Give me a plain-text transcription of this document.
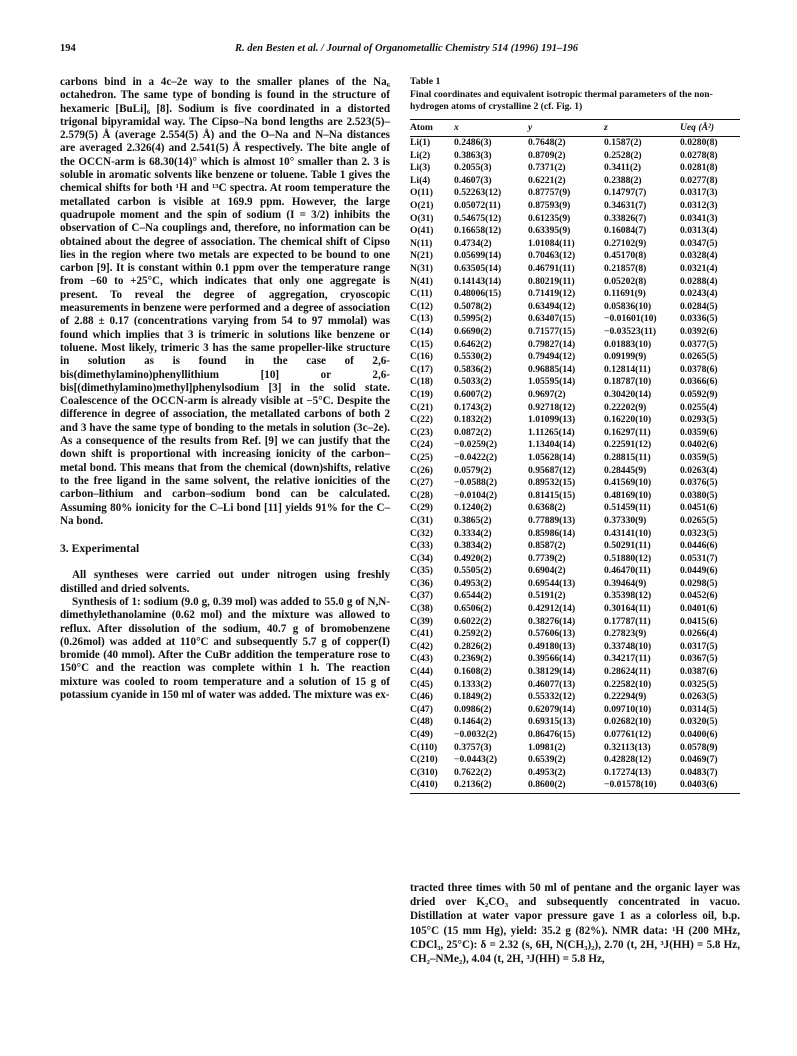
194	R. den Besten et al. / Journal of Organometallic Chemistry 514 (1996) 191–196

carbons bind in a 4c–2e way to the smaller planes of the Na₆ octahedron. The same type of bonding is found in the structure of hexameric [BuLi]₆ [8]. Sodium is five coordinated in a distorted trigonal bipyramidal way. The Cipso–Na bond lengths are 2.523(5)–2.579(5) Å (average 2.554(5) Å) and the O–Na and N–Na distances are averaged 2.326(4) and 2.541(5) Å respectively. The bite angle of the OCCN-arm is 68.30(14)° which is almost 10° smaller than 2. 3 is soluble in aromatic solvents like benzene or toluene. Table 1 gives the chemical shifts for both ¹H and ¹³C spectra. At room temperature the metallated carbon is visible at 169.9 ppm. However, the large quadrupole moment and the spin of sodium (I = 3/2) inhibits the observation of C–Na couplings and, therefore, no information can be obtained about the degree of association. The chemical shift of Cipso lies in the region where two metals are expected to be bound to one carbon [9]. It is constant within 0.1 ppm over the temperature range from −60 to +25°C, which indicates that only one aggregate is present. To reveal the degree of aggregation, cryoscopic measurements in benzene were performed and a degree of association of 2.88 ± 0.17 (concentrations varying from 54 to 97 mmolal) was found which implies that 3 is trimeric in solutions like benzene or toluene. Most likely, trimeric 3 has the same propeller-like structure in solution as is found in the case of 2,6-bis(dimethylamino)phenyllithium [10] or 2,6-bis[(dimethylamino)methyl]phenylsodium [3] in the solid state. Coalescence of the OCCN-arm is already visible at −5°C. Despite the difference in degree of association, the metallated carbons of both 2 and 3 have the same type of bonding to the metals in solution (3c–2e). As a consequence of the results from Ref. [9] we can justify that the down shift is proportional with increasing ionicity of the carbon–metal bond. This means that from the chemical (down)shifts, relative to the free ligand in the same solvent, the relative ionicities of the carbon–lithium and carbon–sodium bond can be calculated. Assuming 80% ionicity for the C–Li bond [11] yields 91% for the C–Na bond.

3. Experimental

All syntheses were carried out under nitrogen using freshly distilled and dried solvents.

Synthesis of 1: sodium (9.0 g, 0.39 mol) was added to 55.0 g of N,N-dimethylethanolamine (0.62 mol) and the mixture was allowed to reflux. After dissolution of the sodium, 40.7 g of bromobenzene (0.26mol) was added at 110°C and subsequently 5.7 g of copper(I) bromide (40 mmol). After the CuBr addition the temperature rose to 150°C and the reaction was complete within 1 h. The reaction mixture was cooled to room temperature and a solution of 15 g of potassium cyanide in 150 ml of water was added. The mixture was ex-

Table 1

Final coordinates and equivalent isotropic thermal parameters of the non-hydrogen atoms of crystalline 2 (cf. Fig. 1)

Atom	x	y	z	Ueq (Å²)
Li(1)	0.2486(3)	0.7648(2)	0.1587(2)	0.0280(8)
Li(2)	0.3863(3)	0.8709(2)	0.2528(2)	0.0278(8)
Li(3)	0.2055(3)	0.7371(2)	0.3411(2)	0.0281(8)
Li(4)	0.4607(3)	0.6221(2)	0.2388(2)	0.0277(8)
O(11)	0.52263(12)	0.87757(9)	0.14797(7)	0.0317(3)
O(21)	0.05072(11)	0.87593(9)	0.34631(7)	0.0312(3)
O(31)	0.54675(12)	0.61235(9)	0.33826(7)	0.0341(3)
O(41)	0.16658(12)	0.63395(9)	0.16084(7)	0.0313(4)
N(11)	0.4734(2)	1.01084(11)	0.27102(9)	0.0347(5)
N(21)	0.05699(14)	0.70463(12)	0.45170(8)	0.0328(4)
N(31)	0.63505(14)	0.46791(11)	0.21857(8)	0.0321(4)
N(41)	0.14143(14)	0.80219(11)	0.05202(8)	0.0288(4)
C(11)	0.48006(15)	0.71419(12)	0.11691(9)	0.0243(4)
C(12)	0.5078(2)	0.63494(12)	0.05836(10)	0.0284(5)
C(13)	0.5995(2)	0.63407(15)	−0.01601(10)	0.0336(5)
C(14)	0.6690(2)	0.71577(15)	−0.03523(11)	0.0392(6)
C(15)	0.6462(2)	0.79827(14)	0.01883(10)	0.0377(5)
C(16)	0.5530(2)	0.79494(12)	0.09199(9)	0.0265(5)
C(17)	0.5836(2)	0.96885(14)	0.12814(11)	0.0378(6)
C(18)	0.5033(2)	1.05595(14)	0.18787(10)	0.0366(6)
C(19)	0.6007(2)	0.9697(2)	0.30420(14)	0.0592(9)
C(21)	0.1743(2)	0.92718(12)	0.22202(9)	0.0255(4)
C(22)	0.1832(2)	1.01099(13)	0.16220(10)	0.0293(5)
C(23)	0.0872(2)	1.11265(14)	0.16297(11)	0.0359(6)
C(24)	−0.0259(2)	1.13404(14)	0.22591(12)	0.0402(6)
C(25)	−0.0422(2)	1.05628(14)	0.28815(11)	0.0359(5)
C(26)	0.0579(2)	0.95687(12)	0.28445(9)	0.0263(4)
C(27)	−0.0588(2)	0.89532(15)	0.41569(10)	0.0376(5)
C(28)	−0.0104(2)	0.81415(15)	0.48169(10)	0.0380(5)
C(29)	0.1240(2)	0.6368(2)	0.51459(11)	0.0451(6)
C(31)	0.3865(2)	0.77889(13)	0.37330(9)	0.0265(5)
C(32)	0.3334(2)	0.85986(14)	0.43141(10)	0.0323(5)
C(33)	0.3834(2)	0.8587(2)	0.50291(11)	0.0446(6)
C(34)	0.4920(2)	0.7739(2)	0.51880(12)	0.0531(7)
C(35)	0.5505(2)	0.6904(2)	0.46470(11)	0.0449(6)
C(36)	0.4953(2)	0.69544(13)	0.39464(9)	0.0298(5)
C(37)	0.6544(2)	0.5191(2)	0.35398(12)	0.0452(6)
C(38)	0.6506(2)	0.42912(14)	0.30164(11)	0.0401(6)
C(39)	0.6022(2)	0.38276(14)	0.17787(11)	0.0415(6)
C(41)	0.2592(2)	0.57606(13)	0.27823(9)	0.0266(4)
C(42)	0.2826(2)	0.49180(13)	0.33748(10)	0.0317(5)
C(43)	0.2369(2)	0.39566(14)	0.34217(11)	0.0367(5)
C(44)	0.1608(2)	0.38129(14)	0.28624(11)	0.0387(6)
C(45)	0.1333(2)	0.46077(13)	0.22582(10)	0.0325(5)
C(46)	0.1849(2)	0.55332(12)	0.22294(9)	0.0263(5)
C(47)	0.0986(2)	0.62079(14)	0.09710(10)	0.0314(5)
C(48)	0.1464(2)	0.69315(13)	0.02682(10)	0.0320(5)
C(49)	−0.0032(2)	0.86476(15)	0.07761(12)	0.0400(6)
C(110)	0.3757(3)	1.0981(2)	0.32113(13)	0.0578(9)
C(210)	−0.0443(2)	0.6539(2)	0.42828(12)	0.0469(7)
C(310)	0.7622(2)	0.4953(2)	0.17274(13)	0.0483(7)
C(410)	0.2136(2)	0.8600(2)	−0.01578(10)	0.0403(6)

tracted three times with 50 ml of pentane and the organic layer was dried over K₂CO₃ and subsequently concentrated in vacuo. Distillation at water vapor pressure gave 1 as a colorless oil, b.p. 105°C (15 mm Hg), yield: 35.2 g (82%). NMR data: ¹H (200 MHz, CDCl₃, 25°C): δ = 2.32 (s, 6H, N(CH₃)₂), 2.70 (t, 2H, ³J(HH) = 5.8 Hz, CH₂–NMe₂), 4.04 (t, 2H, ³J(HH) = 5.8 Hz,
